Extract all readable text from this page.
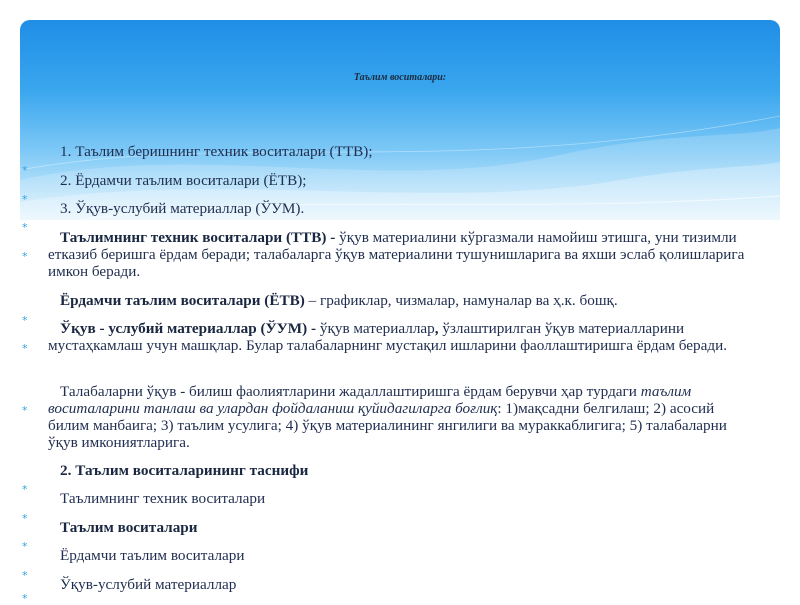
Таълим воситалари:
*
*
*
*
*
*
*
*
*
*
*
*

1. Таълим беришнинг техник воситалари (ТТВ);

2. Ёрдамчи таълим воситалари (ЁТВ);

3. Ўқув-услубий материаллар (ЎУМ).

Таълимнинг техник воситалари (ТТВ) - ўқув материалини кўргазмали намойиш этишга, уни тизимли етказиб беришга ёрдам беради; талабаларга ўқув материалини тушунишларига ва яхши эслаб қолишларига имкон беради.

Ёрдамчи таълим воситалари (ЁТВ) – графиклар, чизмалар, намуналар ва ҳ.к. бошқ.

Ўқув - услубий материаллар (ЎУМ) - ўқув материаллар, ўзлаштирилган ўқув материалларини мустаҳкамлаш учун машқлар. Булар талабаларнинг мустақил ишларини фаоллаштиришга ёрдам беради.

Талабаларни ўқув - билиш фаолиятларини жадаллаштиришга ёрдам берувчи ҳар турдаги таълим воситаларини танлаш ва улардан фойдаланиш қуйидагиларга боғлиқ: 1)мақсадни белгилаш; 2) асосий билим манбаига; 3) таълим усулига; 4) ўқув материалининг янгилиги ва мураккаблигига; 5) талабаларни ўқув имкониятларига.

2. Таълим воситаларининг таснифи

Таълимнинг техник воситалари

Таълим воситалари

Ёрдамчи таълим воситалари

Ўқув-услубий материаллар
